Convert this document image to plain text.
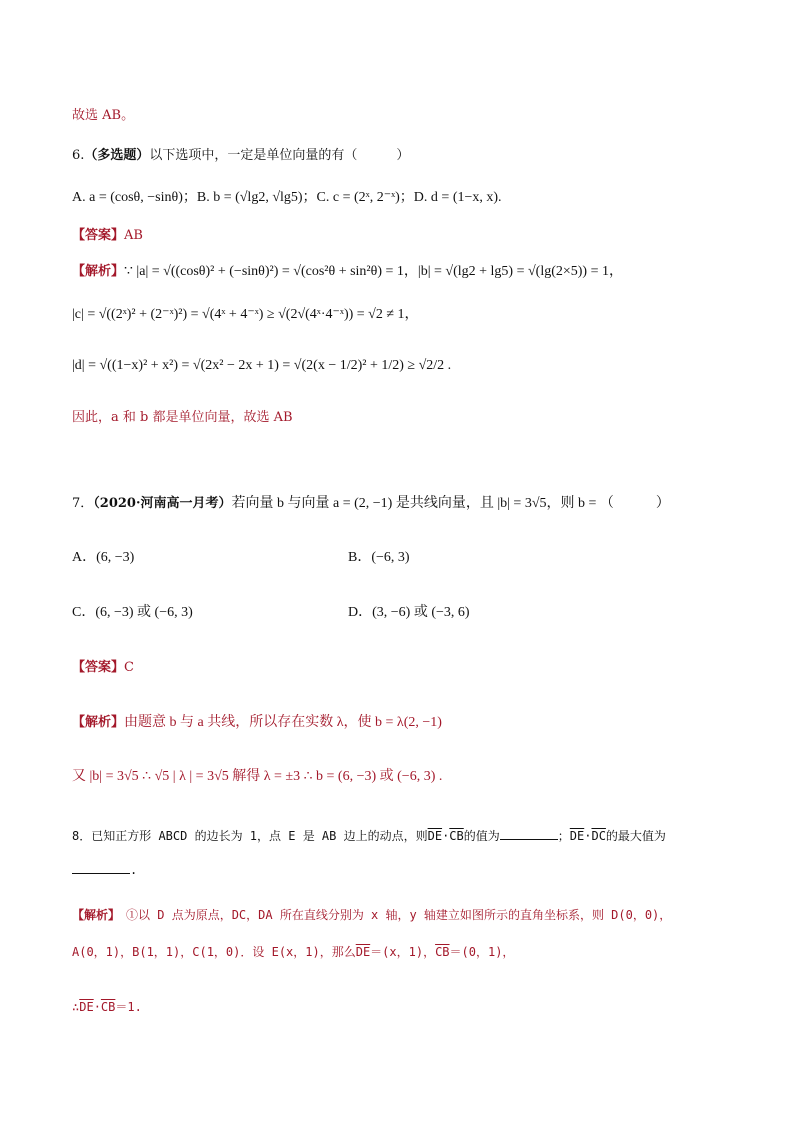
故选 AB。
6.（多选题）以下选项中，一定是单位向量的有（　　　）
A. a = (cosθ, −sinθ)；B. b = (√lg2, √lg5)；C. c = (2ˣ, 2⁻ˣ)；D. d = (1−x, x).
【答案】AB
【解析】∵ |a| = √((cosθ)² + (−sinθ)²) = √(cos²θ + sin²θ) = 1，|b| = √(lg2 + lg5) = √(lg(2×5)) = 1，
|c| = √((2ˣ)² + (2⁻ˣ)²) = √(4ˣ + 4⁻ˣ) ≥ √(2√(4ˣ·4⁻ˣ)) = √2 ≠ 1，
|d| = √((1−x)² + x²) = √(2x² − 2x + 1) = √(2(x − 1/2)² + 1/2) ≥ √2/2 .
因此，a 和 b 都是单位向量，故选 AB
7．（2020·河南高一月考）若向量 b 与向量 a = (2, −1) 是共线向量，且 |b| = 3√5，则 b = （　　　）
A．(6, −3)	B．(−6, 3)
C．(6, −3) 或 (−6, 3)	D．(3, −6) 或 (−3, 6)
【答案】C
【解析】由题意 b 与 a 共线，所以存在实数 λ，使 b = λ(2, −1)
又 |b| = 3√5 ∴ √5 | λ | = 3√5 解得 λ = ±3 ∴ b = (6, −3) 或 (−6, 3) .
8．已知正方形 ABCD 的边长为 1，点 E 是 AB 边上的动点，则$\overline{DE}\cdot\overline{CB}$的值为	；$\overline{DE}\cdot\overline{DC}$的最大值为
.
【解析】　①以 D 点为原点，DC，DA 所在直线分别为 x 轴，y 轴建立如图所示的直角坐标系，则 D(0，0)，
A(0，1)，B(1，1)，C(1，0)．设 E(x，1)，那么$\overline{DE}=(x$，1)，$\overline{CB}=(0$，1)，
$\therefore\overline{DE}\cdot\overline{CB}=1$.
